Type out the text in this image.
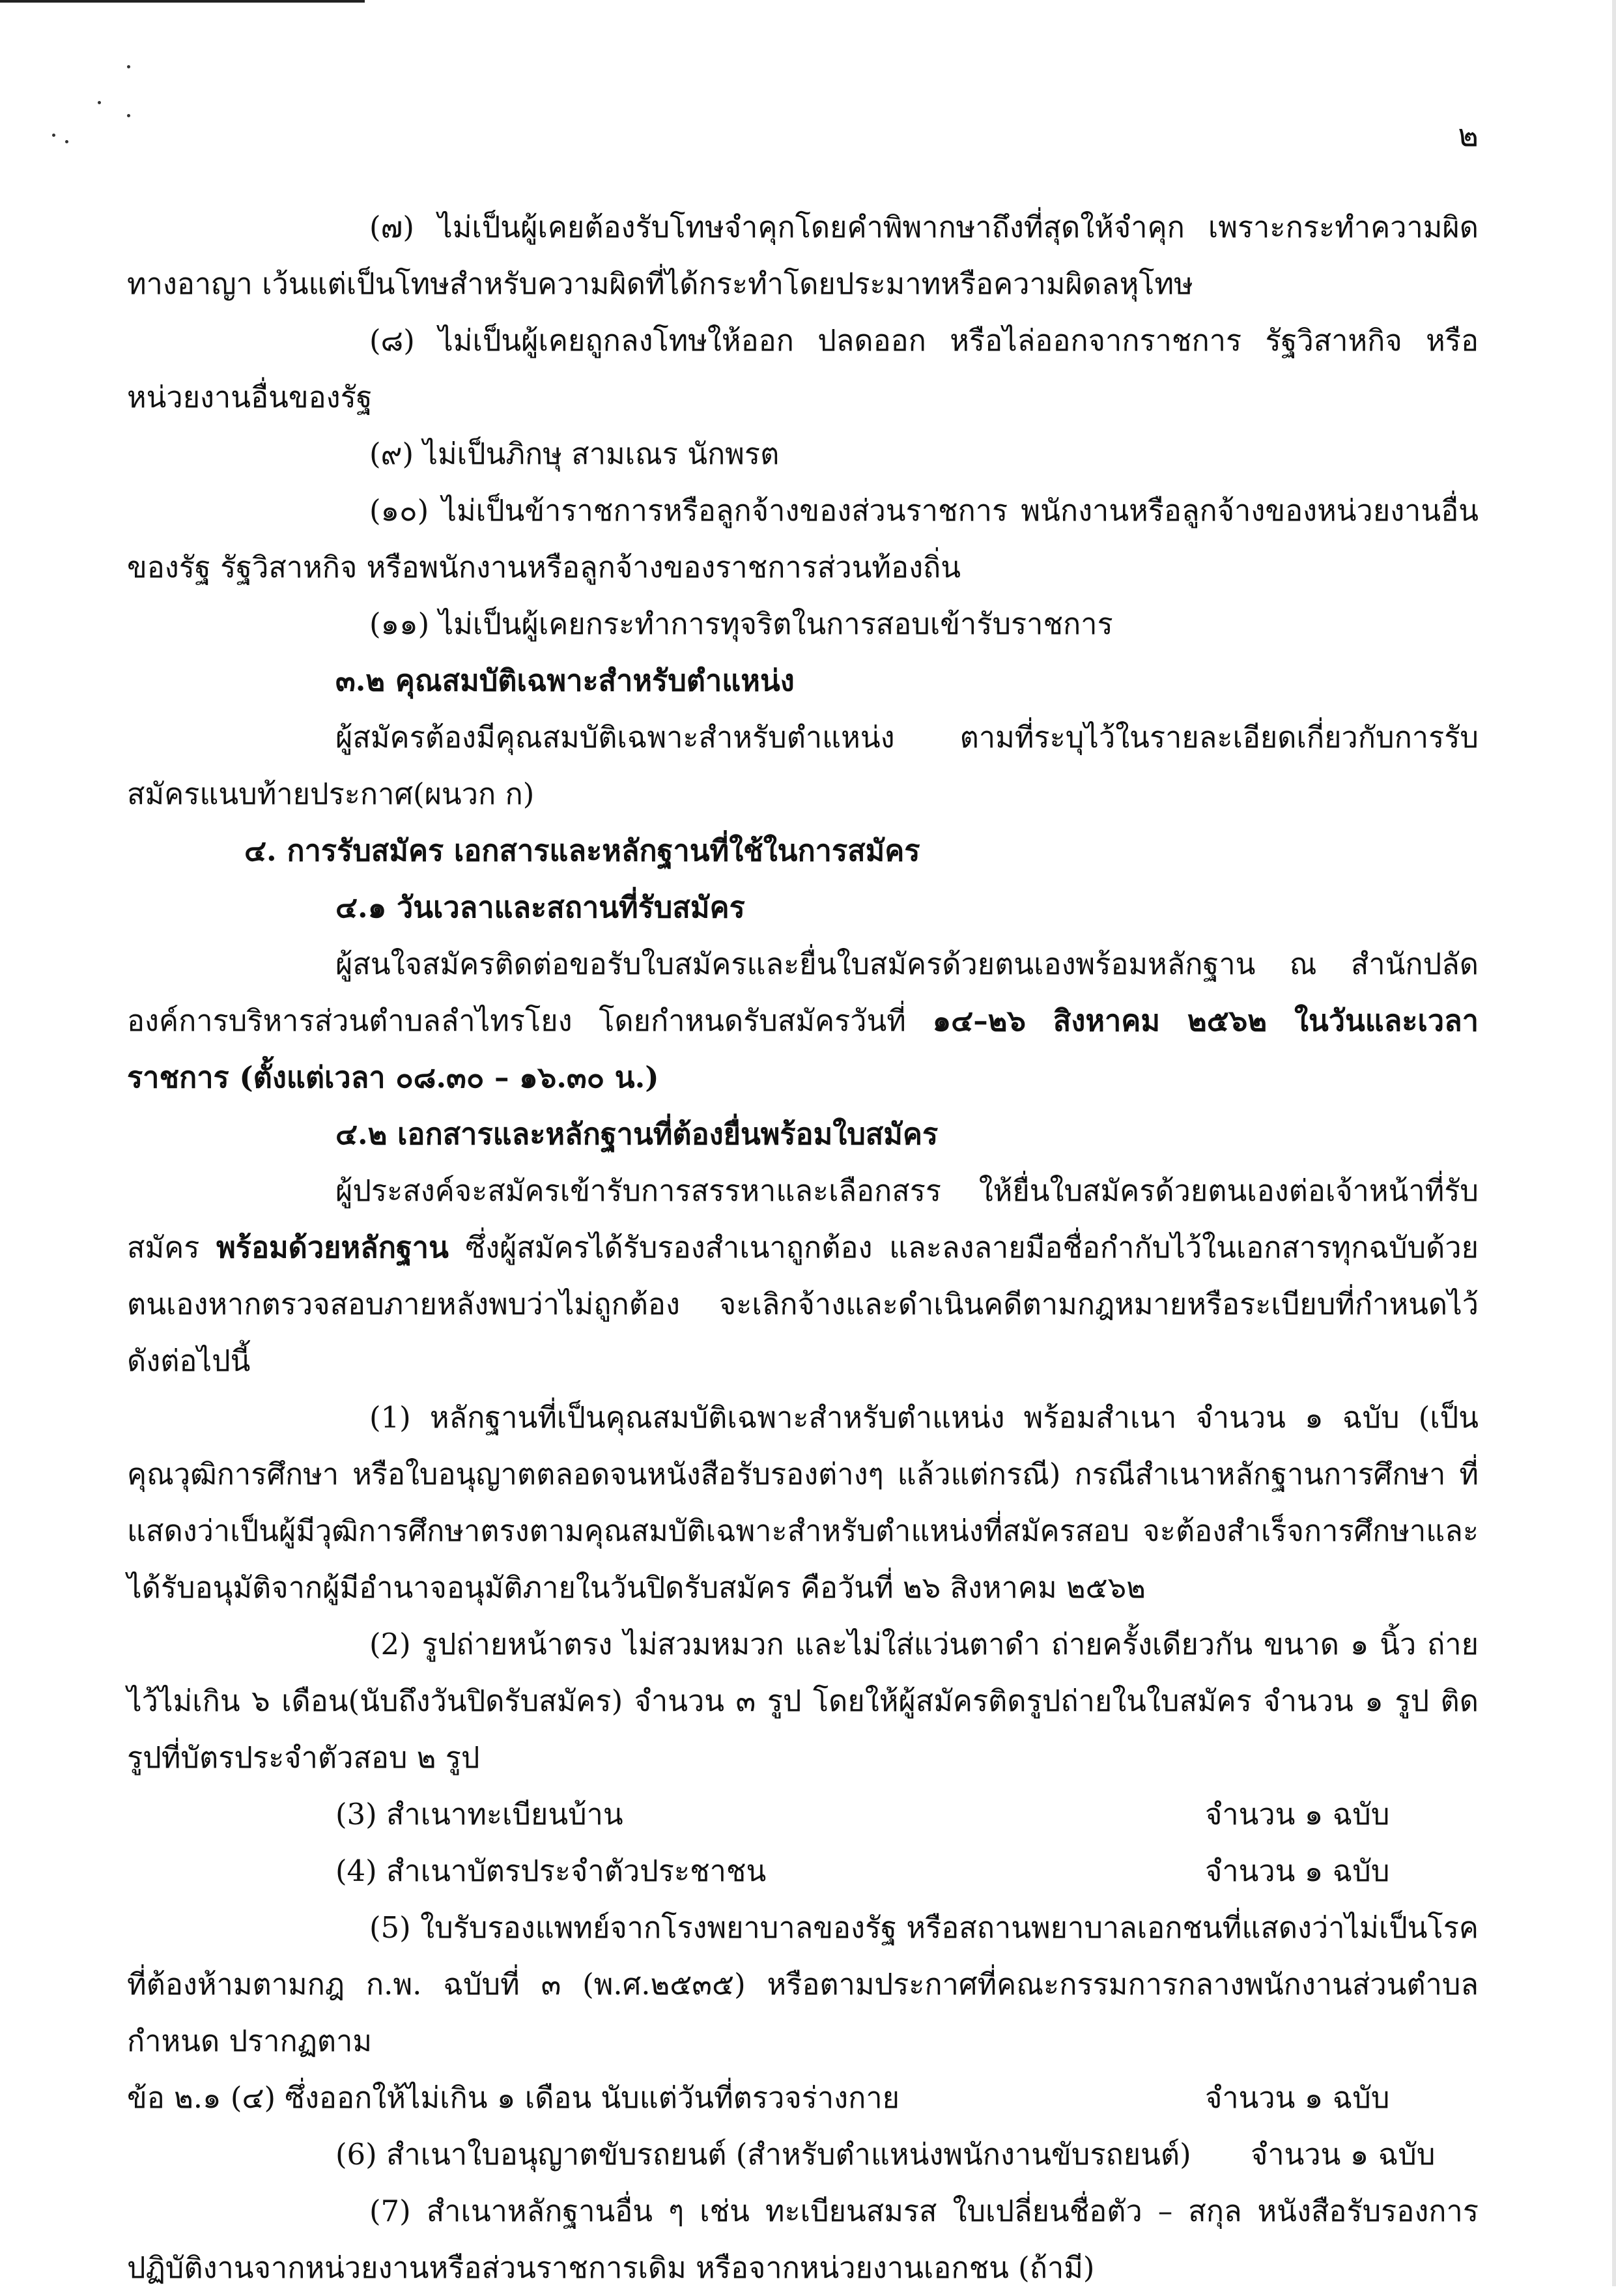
๒

(๗) ไม่เป็นผู้เคยต้องรับโทษจำคุกโดยคำพิพากษาถึงที่สุดให้จำคุก เพราะกระทำความผิดทางอาญา เว้นแต่เป็นโทษสำหรับความผิดที่ได้กระทำโดยประมาทหรือความผิดลหุโทษ

(๘) ไม่เป็นผู้เคยถูกลงโทษให้ออก ปลดออก หรือไล่ออกจากราชการ รัฐวิสาหกิจ หรือหน่วยงานอื่นของรัฐ

(๙) ไม่เป็นภิกษุ สามเณร นักพรต

(๑๐) ไม่เป็นข้าราชการหรือลูกจ้างของส่วนราชการ พนักงานหรือลูกจ้างของหน่วยงานอื่นของรัฐ รัฐวิสาหกิจ หรือพนักงานหรือลูกจ้างของราชการส่วนท้องถิ่น

(๑๑) ไม่เป็นผู้เคยกระทำการทุจริตในการสอบเข้ารับราชการ

๓.๒ คุณสมบัติเฉพาะสำหรับตำแหน่ง

ผู้สมัครต้องมีคุณสมบัติเฉพาะสำหรับตำแหน่ง ตามที่ระบุไว้ในรายละเอียดเกี่ยวกับการรับสมัครแนบท้ายประกาศ(ผนวก ก)

๔. การรับสมัคร เอกสารและหลักฐานที่ใช้ในการสมัคร

๔.๑ วันเวลาและสถานที่รับสมัคร

ผู้สนใจสมัครติดต่อขอรับใบสมัครและยื่นใบสมัครด้วยตนเองพร้อมหลักฐาน ณ สำนักปลัดองค์การบริหารส่วนตำบลลำไทรโยง โดยกำหนดรับสมัครวันที่ ๑๔–๒๖ สิงหาคม ๒๕๖๒ ในวันและเวลาราชการ (ตั้งแต่เวลา ๐๘.๓๐ – ๑๖.๓๐ น.)

๔.๒ เอกสารและหลักฐานที่ต้องยื่นพร้อมใบสมัคร

ผู้ประสงค์จะสมัครเข้ารับการสรรหาและเลือกสรร ให้ยื่นใบสมัครด้วยตนเองต่อเจ้าหน้าที่รับสมัคร พร้อมด้วยหลักฐาน ซึ่งผู้สมัครได้รับรองสำเนาถูกต้อง และลงลายมือชื่อกำกับไว้ในเอกสารทุกฉบับด้วยตนเองหากตรวจสอบภายหลังพบว่าไม่ถูกต้อง จะเลิกจ้างและดำเนินคดีตามกฎหมายหรือระเบียบที่กำหนดไว้ ดังต่อไปนี้

(1) หลักฐานที่เป็นคุณสมบัติเฉพาะสำหรับตำแหน่ง พร้อมสำเนา จำนวน ๑ ฉบับ (เป็นคุณวุฒิการศึกษา หรือใบอนุญาตตลอดจนหนังสือรับรองต่างๆ แล้วแต่กรณี) กรณีสำเนาหลักฐานการศึกษา ที่แสดงว่าเป็นผู้มีวุฒิการศึกษาตรงตามคุณสมบัติเฉพาะสำหรับตำแหน่งที่สมัครสอบ จะต้องสำเร็จการศึกษาและได้รับอนุมัติจากผู้มีอำนาจอนุมัติภายในวันปิดรับสมัคร คือวันที่ ๒๖ สิงหาคม ๒๕๖๒

(2) รูปถ่ายหน้าตรง ไม่สวมหมวก และไม่ใส่แว่นตาดำ ถ่ายครั้งเดียวกัน ขนาด ๑ นิ้ว ถ่ายไว้ไม่เกิน ๖ เดือน(นับถึงวันปิดรับสมัคร) จำนวน ๓ รูป โดยให้ผู้สมัครติดรูปถ่ายในใบสมัคร จำนวน ๑ รูป ติดรูปที่บัตรประจำตัวสอบ ๒ รูป

(3) สำเนาทะเบียนบ้าน	จำนวน ๑ ฉบับ
(4) สำเนาบัตรประจำตัวประชาชน	จำนวน ๑ ฉบับ

(5) ใบรับรองแพทย์จากโรงพยาบาลของรัฐ หรือสถานพยาบาลเอกชนที่แสดงว่าไม่เป็นโรคที่ต้องห้ามตามกฎ ก.พ. ฉบับที่ ๓ (พ.ศ.๒๕๓๕) หรือตามประกาศที่คณะกรรมการกลางพนักงานส่วนตำบลกำหนด ปรากฏตาม

ข้อ ๒.๑ (๔) ซึ่งออกให้ไม่เกิน ๑ เดือน นับแต่วันที่ตรวจร่างกาย	จำนวน ๑ ฉบับ
(6) สำเนาใบอนุญาตขับรถยนต์ (สำหรับตำแหน่งพนักงานขับรถยนต์) จำนวน ๑ ฉบับ

(7) สำเนาหลักฐานอื่น ๆ เช่น ทะเบียนสมรส ใบเปลี่ยนชื่อตัว – สกุล หนังสือรับรองการปฏิบัติงานจากหน่วยงานหรือส่วนราชการเดิม หรือจากหน่วยงานเอกชน (ถ้ามี)
